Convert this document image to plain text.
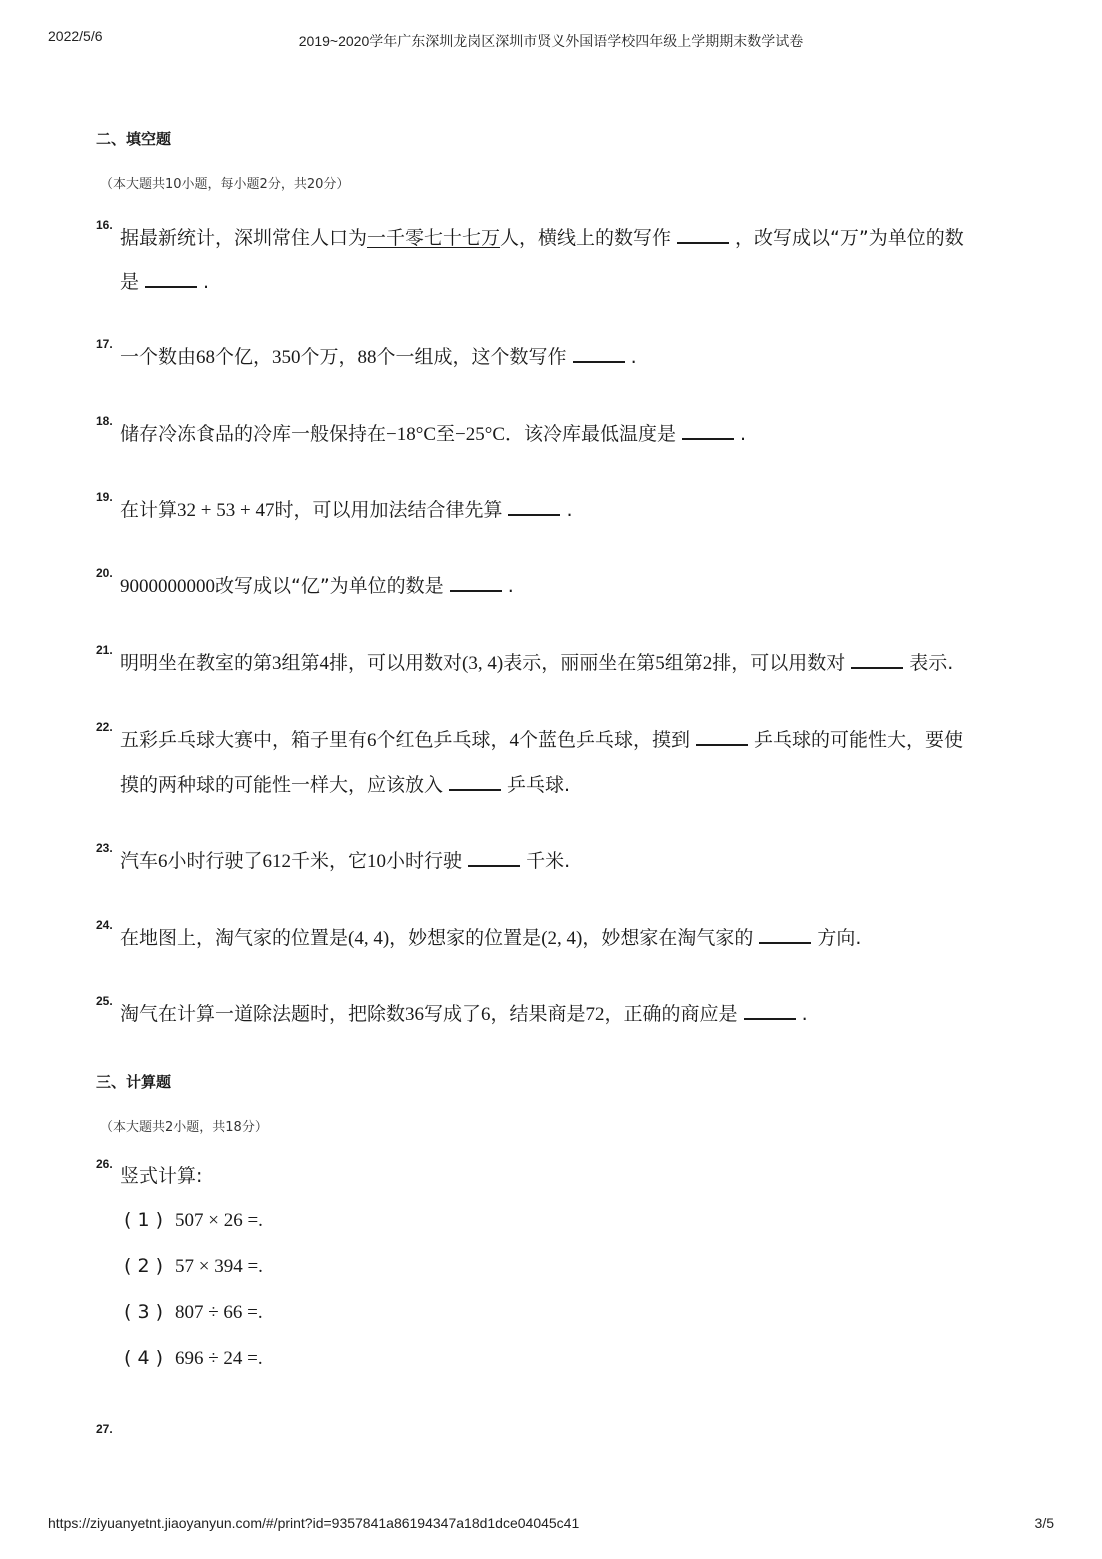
2022/5/6	2019~2020学年广东深圳龙岗区深圳市贤义外国语学校四年级上学期期末数学试卷
二、填空题
（本大题共10小题，每小题2分，共20分）
16.
据最新统计，深圳常住人口为一千零七十七万人，横线上的数写作	，改写成以“万”为单位的数
是	.
17.
一个数由68个亿，350个万，88个一组成，这个数写作	.
18.
储存冷冻食品的冷库一般保持在−18°C至−25°C．该冷库最低温度是	.
19.
在计算32 + 53 + 47时，可以用加法结合律先算	.
20.
9000000000改写成以“亿”为单位的数是	.
21.
明明坐在教室的第3组第4排，可以用数对(3, 4)表示，丽丽坐在第5组第2排，可以用数对	表示.
22.
五彩乒乓球大赛中，箱子里有6个红色乒乓球，4个蓝色乒乓球，摸到	乒乓球的可能性大，要使
摸的两种球的可能性一样大，应该放入	乒乓球.
23.
汽车6小时行驶了612千米，它10小时行驶	千米.
24.
在地图上，淘气家的位置是(4, 4)，妙想家的位置是(2, 4)，妙想家在淘气家的	方向.
25.
淘气在计算一道除法题时，把除数36写成了6，结果商是72，正确的商应是	.
三、计算题
（本大题共2小题，共18分）
26.
竖式计算:
( 1 ) 507 × 26 =.
( 2 ) 57 × 394 =.
( 3 ) 807 ÷ 66 =.
( 4 ) 696 ÷ 24 =.
27.
https://ziyuanyetnt.jiaoyanyun.com/#/print?id=9357841a86194347a18d1dce04045c41	3/5
